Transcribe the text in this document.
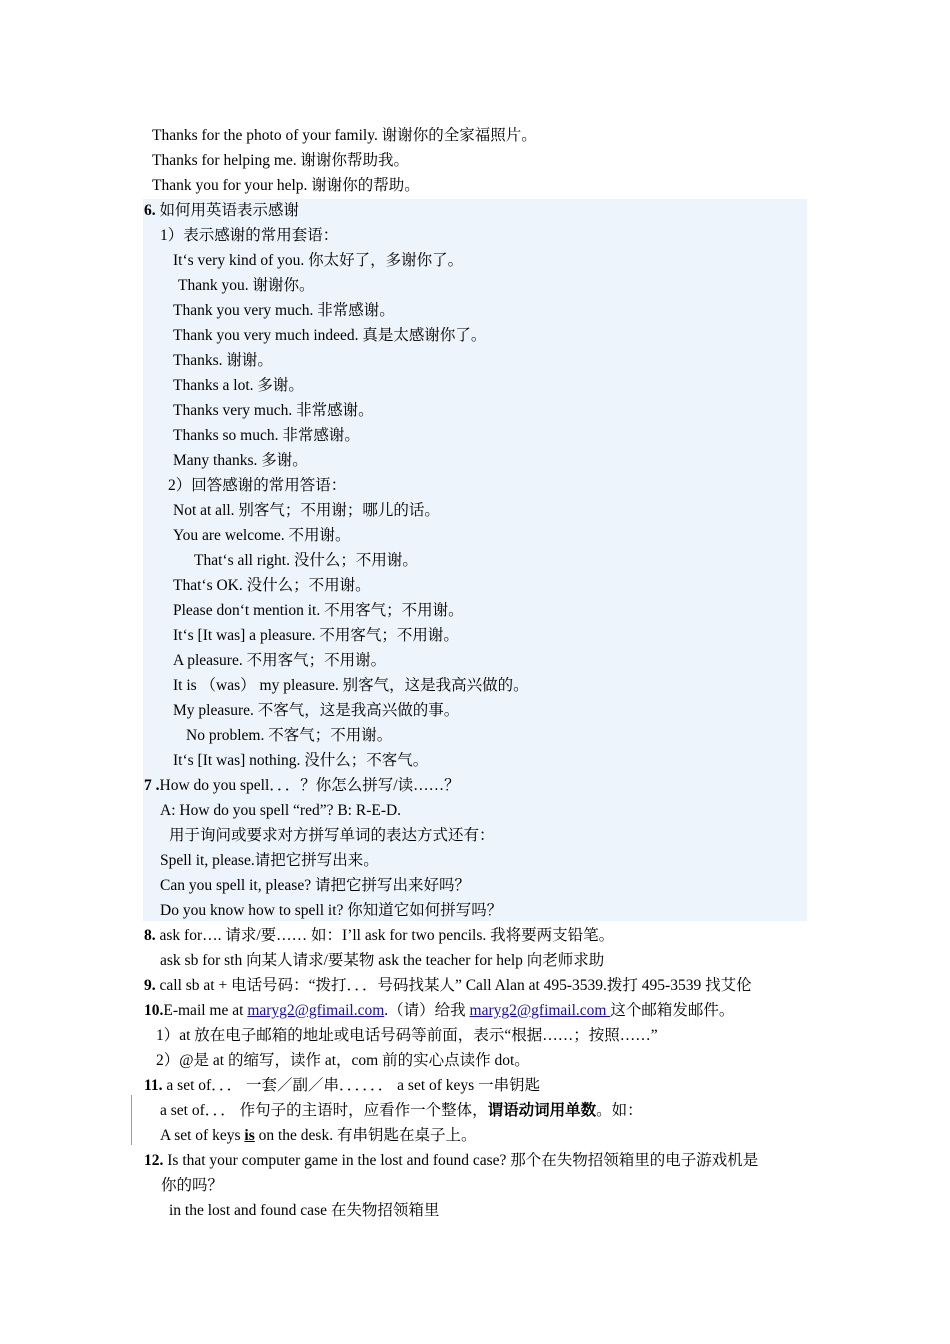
Thanks for the photo of your family. 谢谢你的全家福照片。
Thanks for helping me. 谢谢你帮助我。
Thank you for your help. 谢谢你的帮助。
6. 如何用英语表示感谢
1）表示感谢的常用套语：
It‘s very kind of you. 你太好了，多谢你了。
Thank you. 谢谢你。
Thank you very much. 非常感谢。
Thank you very much indeed. 真是太感谢你了。
Thanks. 谢谢。
Thanks a lot. 多谢。
Thanks very much. 非常感谢。
Thanks so much. 非常感谢。
Many thanks. 多谢。
2）回答感谢的常用答语：
Not at all. 别客气；不用谢；哪儿的话。
You are welcome. 不用谢。
That‘s all right. 没什么；不用谢。
That‘s OK. 没什么；不用谢。
Please don‘t mention it. 不用客气；不用谢。
It‘s [It was] a pleasure. 不用客气；不用谢。
A pleasure. 不用客气；不用谢。
It is （was） my pleasure. 别客气，这是我高兴做的。
My pleasure. 不客气，这是我高兴做的事。
No problem. 不客气；不用谢。
It‘s [It was] nothing. 没什么；不客气。
7 .How do you spell．．．？你怎么拼写/读……？
A: How do you spell “red”? B: R-E-D.
用于询问或要求对方拼写单词的表达方式还有：
Spell it, please.请把它拼写出来。
Can you spell it, please? 请把它拼写出来好吗？
Do you know how to spell it? 你知道它如何拼写吗？
8. ask for…. 请求/要…… 如：I’ll ask for two pencils. 我将要两支铅笔。
ask sb for sth 向某人请求/要某物 ask the teacher for help 向老师求助
9. call sb at + 电话号码：“拨打．．．号码找某人” Call Alan at 495-3539.拨打 495-3539 找艾伦
10.E-mail me at maryg2@gfimail.com.（请）给我 maryg2@gfimail.com 这个邮箱发邮件。
1）at 放在电子邮箱的地址或电话号码等前面，表示“根据……；按照……”
2）@是 at 的缩写，读作 at，com 前的实心点读作 dot。
11. a set of．．． 一套／副／串．．．．．． a set of keys 一串钥匙
a set of．．． 作句子的主语时，应看作一个整体，谓语动词用单数。如：
A set of keys is on the desk. 有串钥匙在桌子上。
12. Is that your computer game in the lost and found case? 那个在失物招领箱里的电子游戏机是
你的吗？
in the lost and found case 在失物招领箱里
